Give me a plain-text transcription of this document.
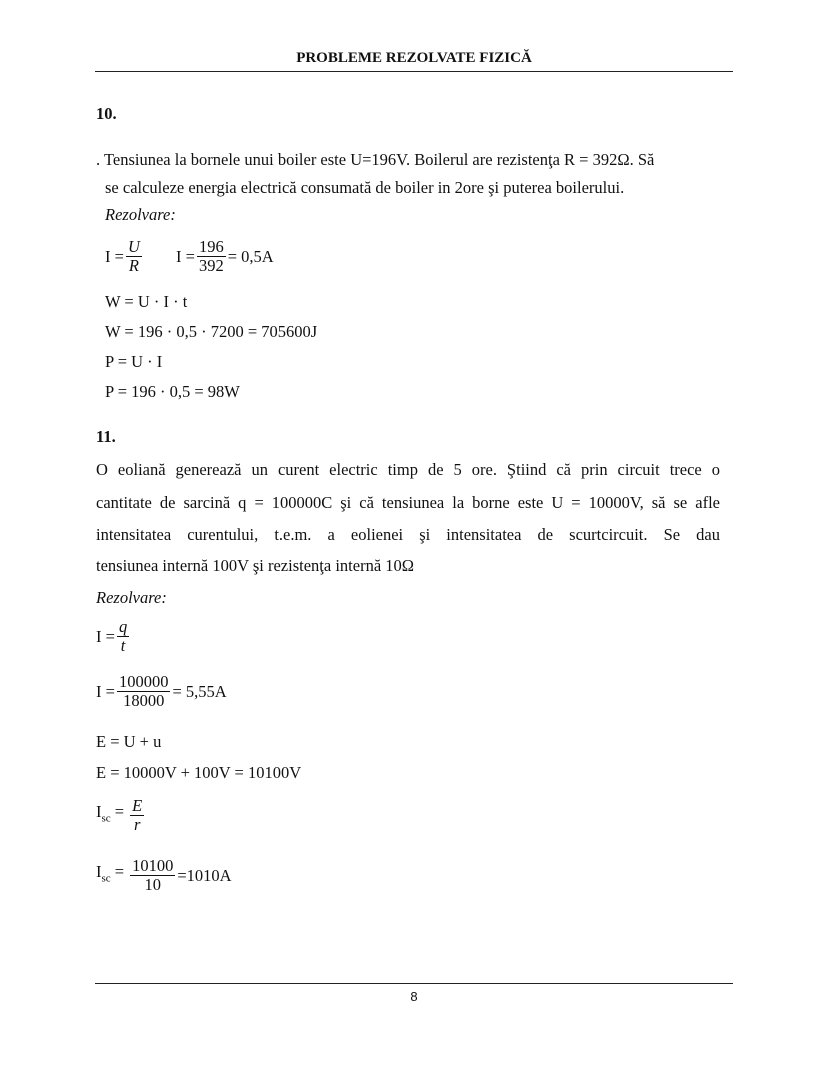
PROBLEME REZOLVATE FIZICĂ
10.
. Tensiunea la bornele unui boiler este U=196V. Boilerul are rezistenţa R = 392Ω. Să
se calculeze energia electrică consumată de boiler in 2ore şi puterea boilerului.
Rezolvare:
$I = \frac{U}{R}$ $I = \frac{196}{392} = 0,5A$
W = U · I · t
W = 196 · 0,5 · 7200 = 705600J
P = U · I
P = 196 · 0,5 = 98W
11.
O eoliană generează un curent electric timp de 5 ore. Ştiind că prin circuit trece o
cantitate de sarcină q = 100000C şi că tensiunea la borne este U = 10000V, să se afle
intensitatea curentului, t.e.m. a eolienei şi intensitatea de scurtcircuit. Se dau
tensiunea internă 100V şi rezistenţa internă 10Ω
Rezolvare:
$I = \frac{q}{t}$
$I = \frac{100000}{18000} = 5,55A$
E = U + u
E = 10000V + 100V = 10100V
$I_{sc} = \frac{E}{r}$
$I_{sc} = \frac{10100}{10} =1010A$
8
